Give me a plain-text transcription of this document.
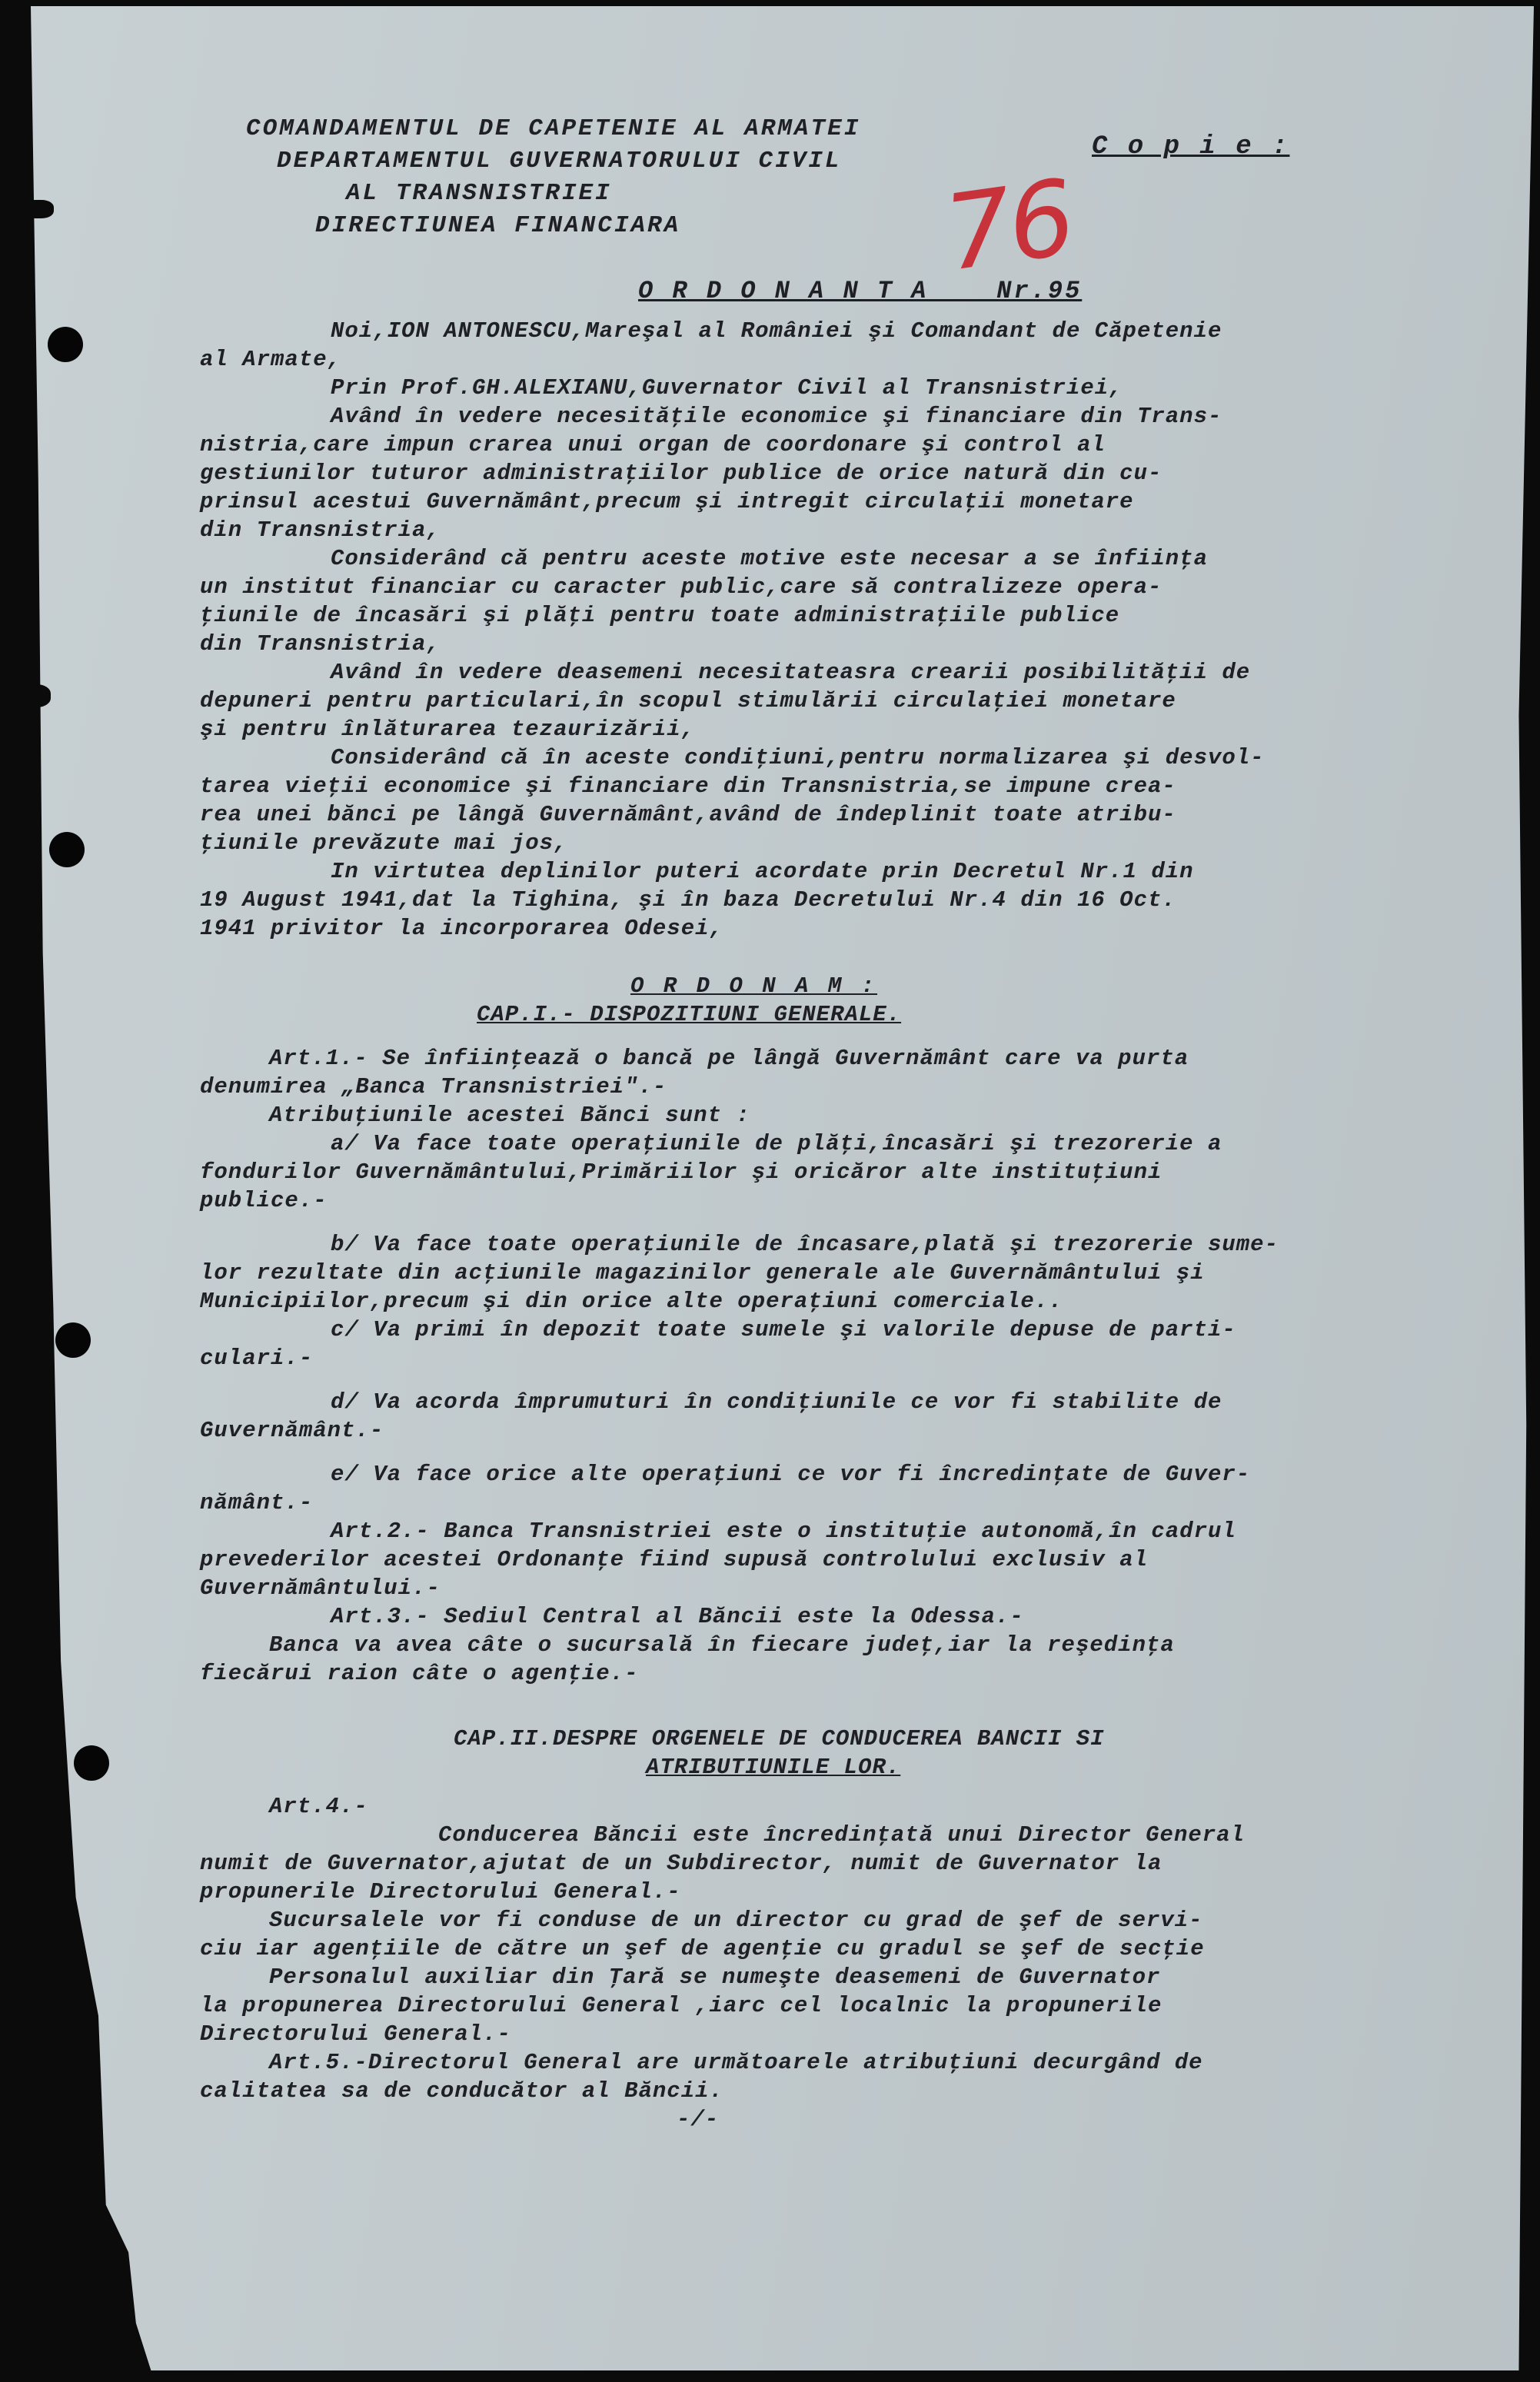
COMANDAMENTUL DE CAPETENIE AL ARMATEI
DEPARTAMENTUL GUVERNATORULUI CIVIL
AL TRANSNISTRIEI
DIRECTIUNEA FINANCIARA
C o p i e :
76
O R D O N A N T A    Nr.95
Noi,ION ANTONESCU,Mareşal al României şi Comandant de Căpetenie
al Armate,
Prin Prof.GH.ALEXIANU,Guvernator Civil al Transnistriei,
Având în vedere necesităţile economice şi financiare din Trans-
nistria,care impun crarea unui organ de coordonare şi control al
gestiunilor tuturor administraţiilor publice de orice natură din cu-
prinsul acestui Guvernământ,precum şi intregit circulaţii monetare
din Transnistria,
Considerând că pentru aceste motive este necesar a se înfiinţa
un institut financiar cu caracter public,care să contralizeze opera-
ţiunile de încasări şi plăţi pentru toate administraţiile publice
din Transnistria,
Având în vedere deasemeni necesitateasra crearii posibilităţii de
depuneri pentru particulari,în scopul stimulării circulaţiei monetare
şi pentru înlăturarea tezaurizării,
Considerând că în aceste condiţiuni,pentru normalizarea şi desvol-
tarea vieţii economice şi financiare din Transnistria,se impune crea-
rea unei bănci pe lângă Guvernământ,având de îndeplinit toate atribu-
ţiunile prevăzute mai jos,
In virtutea deplinilor puteri acordate prin Decretul Nr.1 din
19 August 1941,dat la Tighina, şi în baza Decretului Nr.4 din 16 Oct.
1941 privitor la incorporarea Odesei,
O R D O N A M :
CAP.I.- DISPOZITIUNI GENERALE.
Art.1.- Se înfiinţează o bancă pe lângă Guvernământ care va purta
denumirea „Banca Transnistriei".-
Atribuţiunile acestei Bănci sunt :
a/ Va face toate operaţiunile de plăţi,încasări şi trezorerie a
fondurilor Guvernământului,Primăriilor şi oricăror alte instituţiuni
publice.-
b/ Va face toate operaţiunile de încasare,plată şi trezorerie sume-
lor rezultate din acţiunile magazinilor generale ale Guvernământului şi
Municipiilor,precum şi din orice alte operaţiuni comerciale..
c/ Va primi în depozit toate sumele şi valorile depuse de parti-
culari.-
d/ Va acorda împrumuturi în condiţiunile ce vor fi stabilite de
Guvernământ.-
e/ Va face orice alte operaţiuni ce vor fi încredinţate de Guver-
nământ.-
Art.2.- Banca Transnistriei este o instituţie autonomă,în cadrul
prevederilor acestei Ordonanţe fiind supusă controlului exclusiv al
Guvernământului.-
Art.3.- Sediul Central al Băncii este la Odessa.-
Banca va avea câte o sucursală în fiecare judeţ,iar la reşedinţa
fiecărui raion câte o agenţie.-
CAP.II.DESPRE ORGENELE DE CONDUCEREA BANCII SI
ATRIBUTIUNILE LOR.
Art.4.-
Conducerea Băncii este încredinţată unui Director General
numit de Guvernator,ajutat de un Subdirector, numit de Guvernator la
propunerile Directorului General.-
Sucursalele vor fi conduse de un director cu grad de şef de servi-
ciu iar agenţiile de către un şef de agenţie cu gradul se şef de secţie
Personalul auxiliar din Ţară se numeşte deasemeni de Guvernator
la propunerea Directorului General ,iarc cel localnic la propunerile
Directorului General.-
Art.5.-Directorul General are următoarele atribuţiuni decurgând de
calitatea sa de conducător al Băncii.
-/-
